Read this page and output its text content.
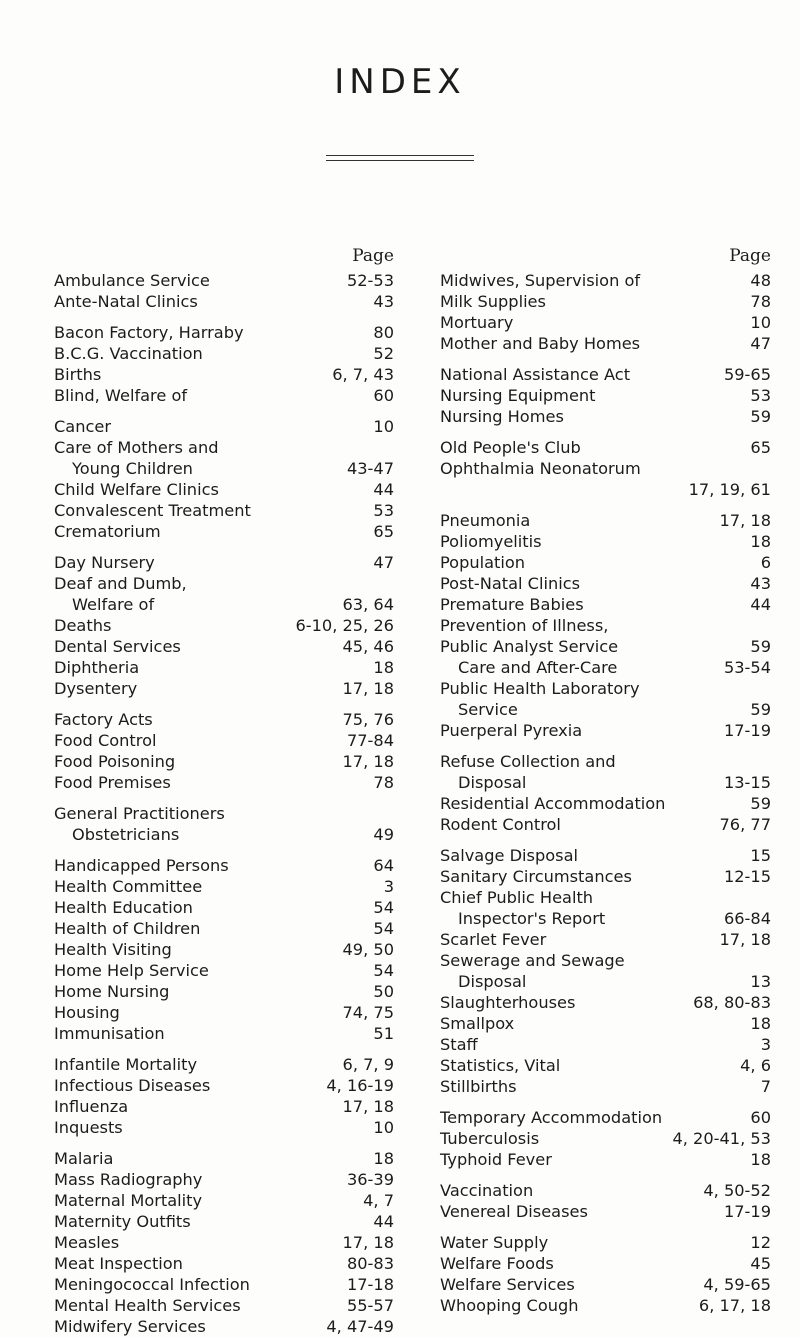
INDEX
Page
Ambulance Service	52-53
Ante-Natal Clinics	43
Bacon Factory, Harraby	80
B.C.G. Vaccination	52
Births	6, 7, 43
Blind, Welfare of	60
Cancer	10
Care of Mothers and
Young Children	43-47
Child Welfare Clinics	44
Convalescent Treatment	53
Crematorium	65
Day Nursery	47
Deaf and Dumb,
Welfare of	63, 64
Deaths	6-10, 25, 26
Dental Services	45, 46
Diphtheria	18
Dysentery	17, 18
Factory Acts	75, 76
Food Control	77-84
Food Poisoning	17, 18
Food Premises	78
General Practitioners
Obstetricians	49
Handicapped Persons	64
Health Committee	3
Health Education	54
Health of Children	54
Health Visiting	49, 50
Home Help Service	54
Home Nursing	50
Housing	74, 75
Immunisation	51
Infantile Mortality	6, 7, 9
Infectious Diseases	4, 16-19
Influenza	17, 18
Inquests	10
Malaria	18
Mass Radiography	36-39
Maternal Mortality	4, 7
Maternity Outfits	44
Measles	17, 18
Meat Inspection	80-83
Meningococcal Infection	17-18
Mental Health Services	55-57
Midwifery Services	4, 47-49
Page
Midwives, Supervision of	48
Milk Supplies	78
Mortuary	10
Mother and Baby Homes	47
National Assistance Act	59-65
Nursing Equipment	53
Nursing Homes	59
Old People's Club	65
Ophthalmia Neonatorum
17, 19, 61
Pneumonia	17, 18
Poliomyelitis	18
Population	6
Post-Natal Clinics	43
Premature Babies	44
Prevention of Illness,
Public Analyst Service	59
Care and After-Care	53-54
Public Health Laboratory
Service	59
Puerperal Pyrexia	17-19
Refuse Collection and
Disposal	13-15
Residential Accommodation	59
Rodent Control	76, 77
Salvage Disposal	15
Sanitary Circumstances	12-15
Chief Public Health
Inspector's Report	66-84
Scarlet Fever	17, 18
Sewerage and Sewage
Disposal	13
Slaughterhouses	68, 80-83
Smallpox	18
Staff	3
Statistics, Vital	4, 6
Stillbirths	7
Temporary Accommodation	60
Tuberculosis	4, 20-41, 53
Typhoid Fever	18
Vaccination	4, 50-52
Venereal Diseases	17-19
Water Supply	12
Welfare Foods	45
Welfare Services	4, 59-65
Whooping Cough	6, 17, 18
